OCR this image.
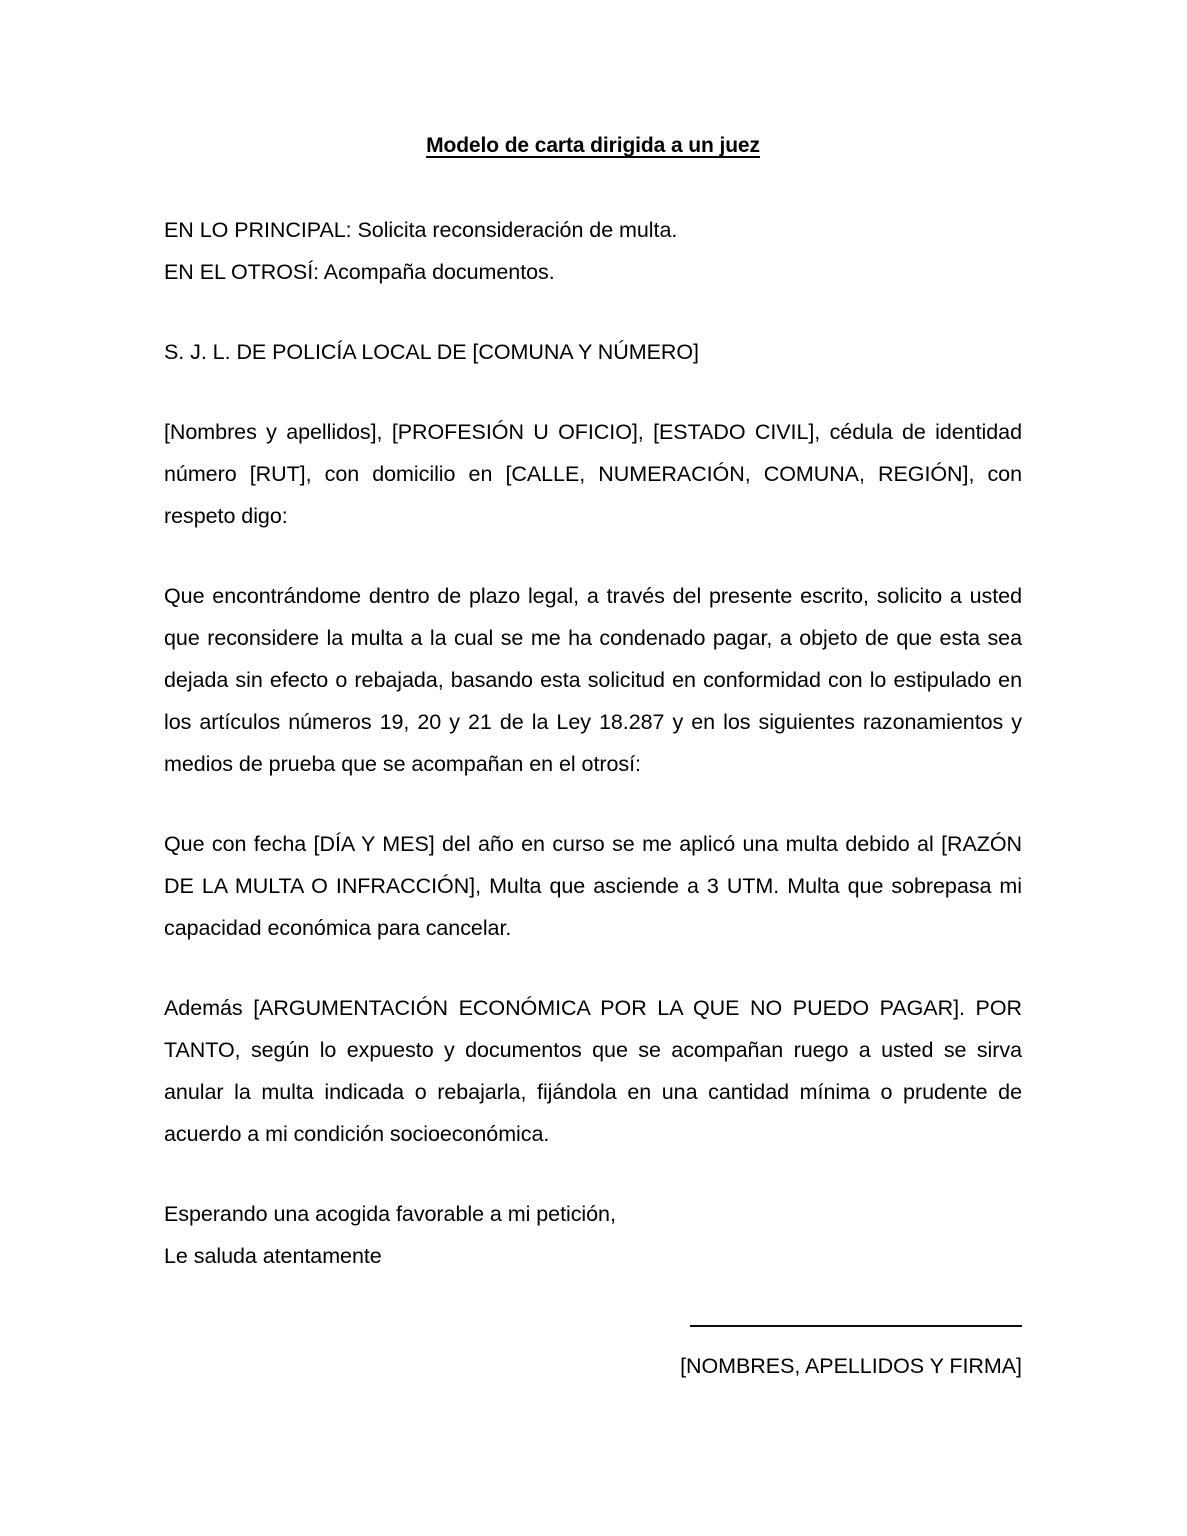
Modelo de carta dirigida a un juez

EN LO PRINCIPAL: Solicita reconsideración de multa.

EN EL OTROSÍ: Acompaña documentos.

S. J. L. DE POLICÍA LOCAL DE [COMUNA Y NÚMERO]

[Nombres y apellidos], [PROFESIÓN U OFICIO], [ESTADO CIVIL], cédula de identidad número [RUT], con domicilio en [CALLE, NUMERACIÓN, COMUNA, REGIÓN], con respeto digo:

Que encontrándome dentro de plazo legal, a través del presente escrito, solicito a usted que reconsidere la multa a la cual se me ha condenado pagar, a objeto de que esta sea dejada sin efecto o rebajada, basando esta solicitud en conformidad con lo estipulado en los artículos números 19, 20 y 21 de la Ley 18.287 y en los siguientes razonamientos y medios de prueba que se acompañan en el otrosí:

Que con fecha [DÍA Y MES] del año en curso se me aplicó una multa debido al [RAZÓN DE LA MULTA O INFRACCIÓN], Multa que asciende a 3 UTM. Multa que sobrepasa mi capacidad económica para cancelar.

Además [ARGUMENTACIÓN ECONÓMICA POR LA QUE NO PUEDO PAGAR]. POR TANTO, según lo expuesto y documentos que se acompañan ruego a usted se sirva anular la multa indicada o rebajarla, fijándola en una cantidad mínima o prudente de acuerdo a mi condición socioeconómica.

Esperando una acogida favorable a mi petición,

Le saluda atentamente

[NOMBRES, APELLIDOS Y FIRMA]
